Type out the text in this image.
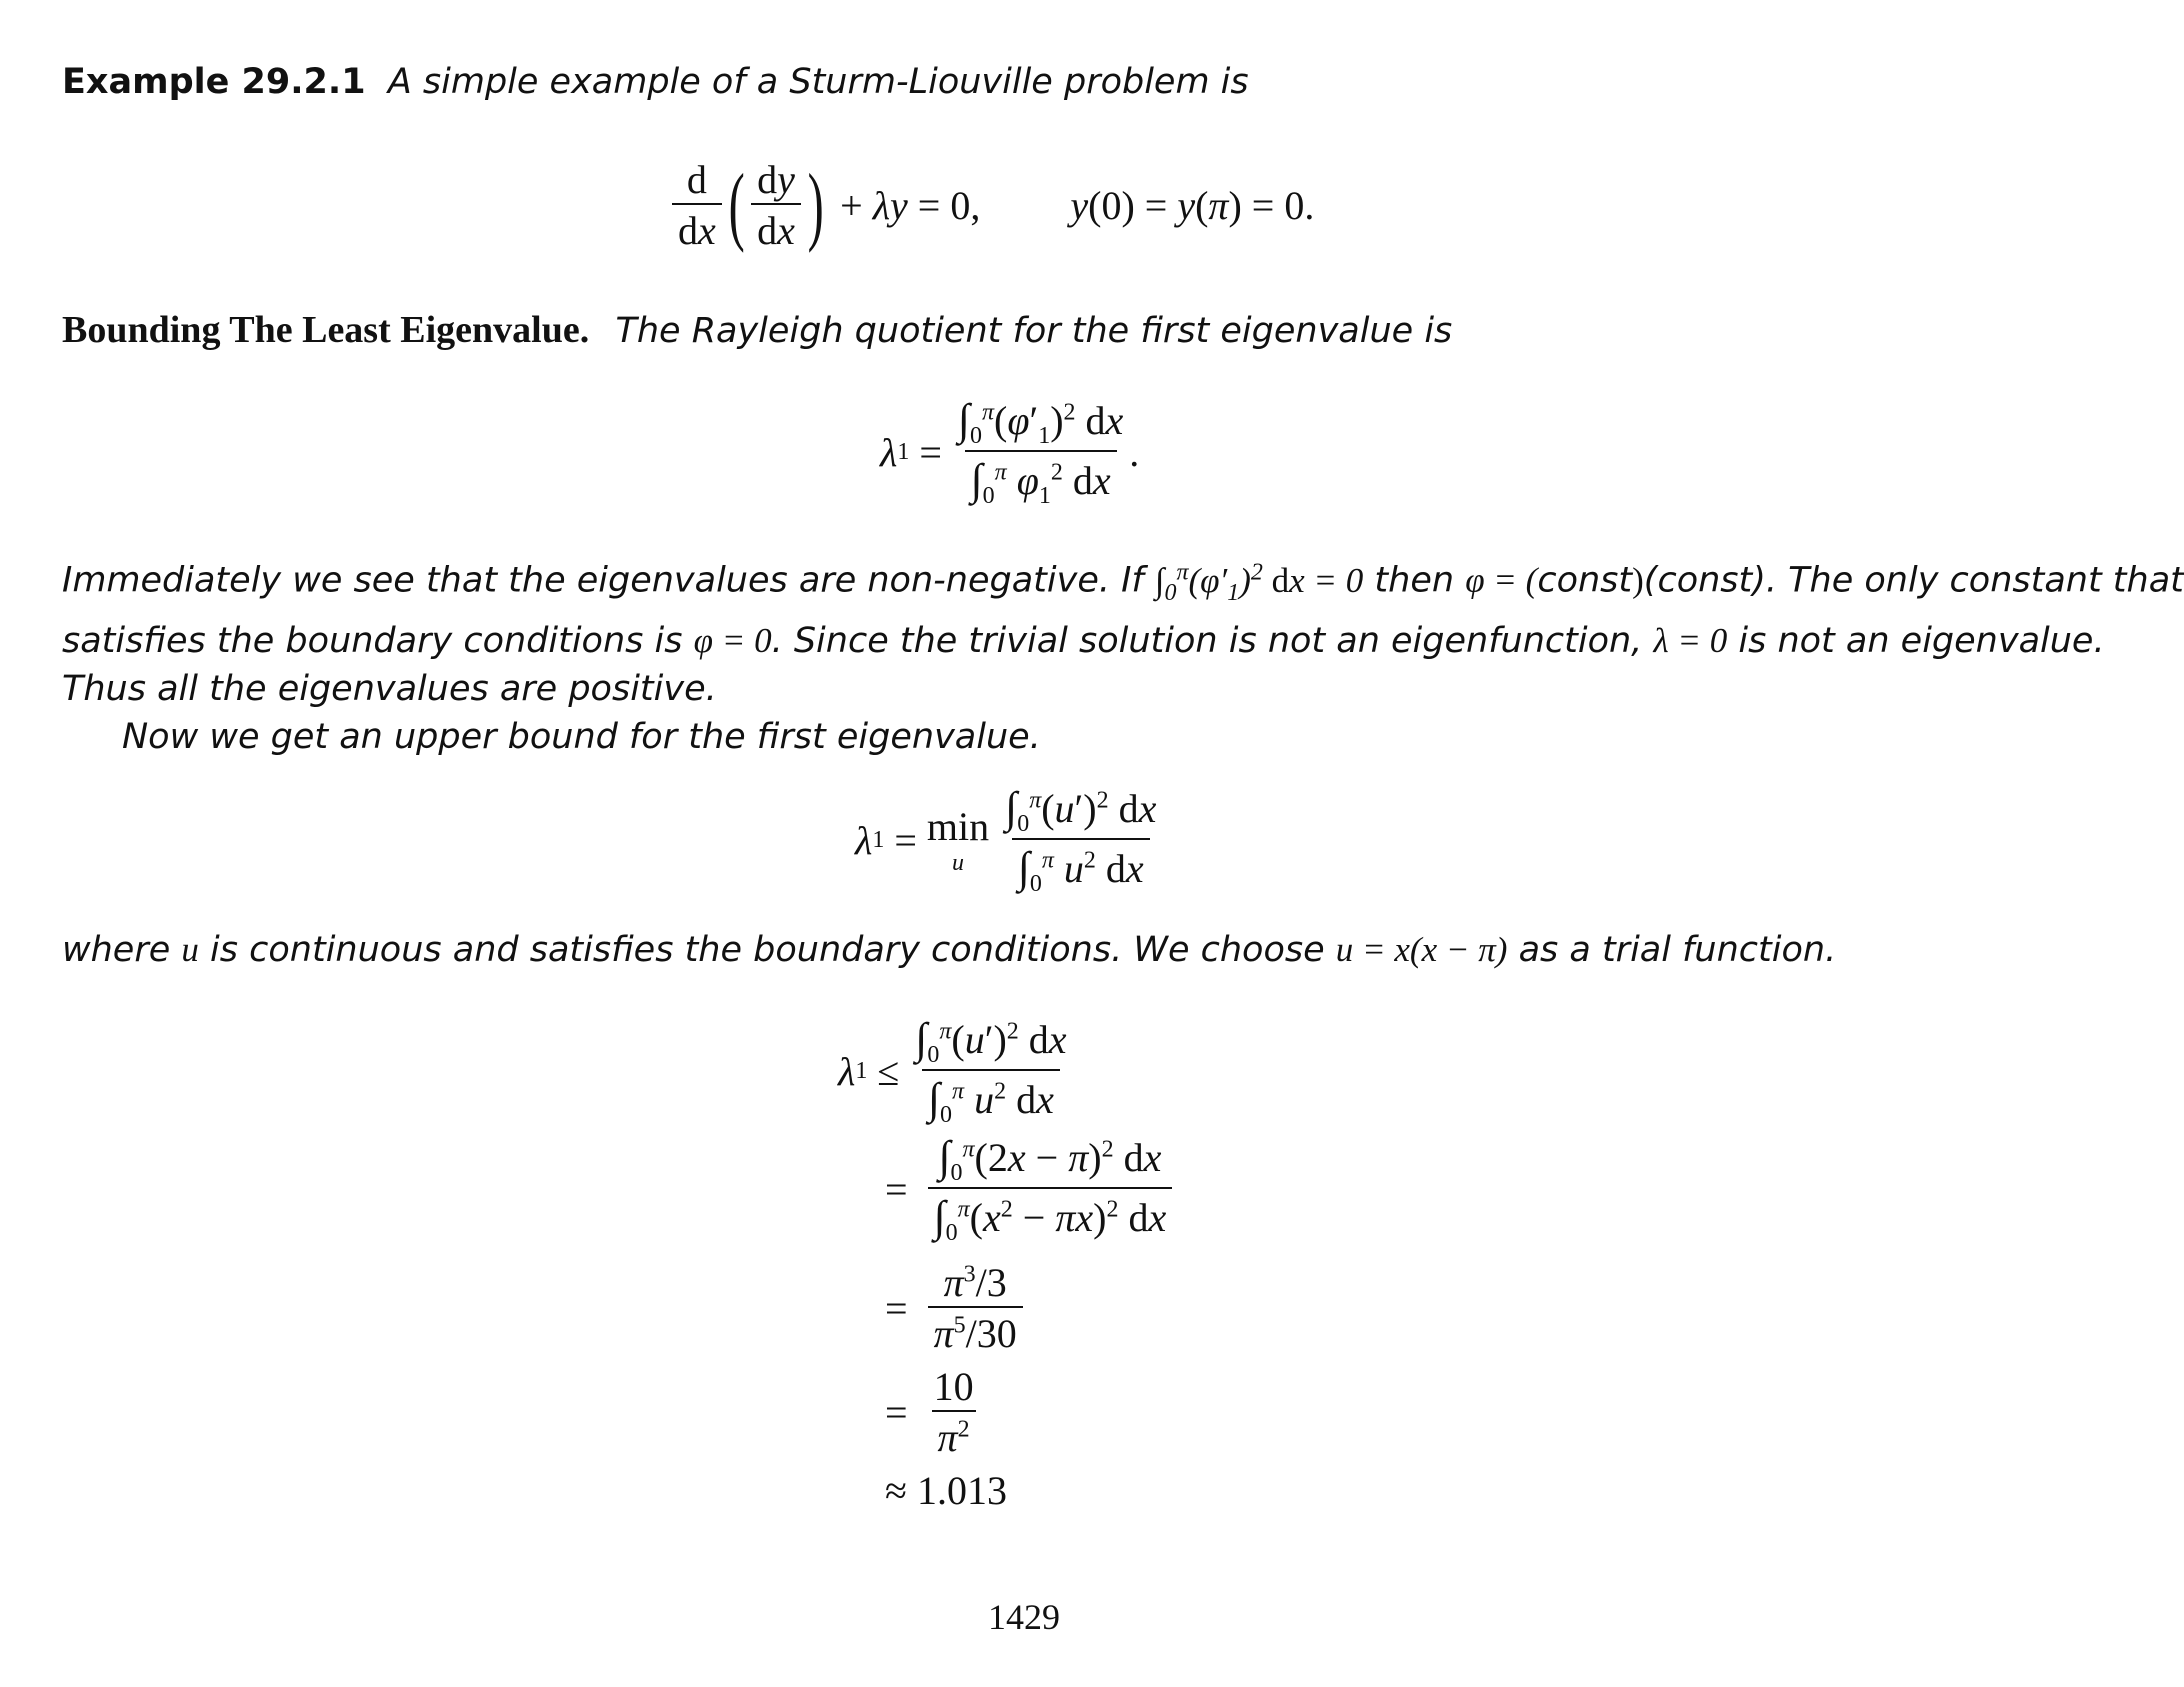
Example 29.2.1 A simple example of a Sturm-Liouville problem is
$\frac{d}{dx}$ ( $\frac{dy}{dx}$ ) + λy = 0, y(0) = y(π) = 0.
Bounding The Least Eigenvalue. The Rayleigh quotient for the first eigenvalue is
λ $1 = \frac{\int_0^\pi(\varphi'_1)^2 dx}{\int_0^\pi \varphi_1^2 dx}$ .
Immediately we see that the eigenvalues are non-negative. If $\int_0^\pi(\varphi'_1)^2$ dx = 0 then φ = (const)(const). The only constant that
satisfies the boundary conditions is φ = 0. Since the trivial solution is not an eigenfunction, λ = 0 is not an eigenvalue.
Thus all the eigenvalues are positive.
Now we get an upper bound for the first eigenvalue.
λ 1 = min
u
$\frac{\int_0^\pi(u')^2 dx}{\int_0^\pi u^2 dx}$
where u is continuous and satisfies the boundary conditions. We choose u = x(x − π) as a trial function.
λ $1 \le \frac{\int_0^\pi(u')^2 dx}{\int_0^\pi u^2 dx}$
= $\frac{\int_0^\pi(2x - \pi)^2 dx}{\int_0^\pi(x^2 - \pi x)^2 dx}$
= $\frac{\pi^3/3}{\pi^5/30}$
= $\frac{10}{\pi^2}$
≈ 1.013
1429
